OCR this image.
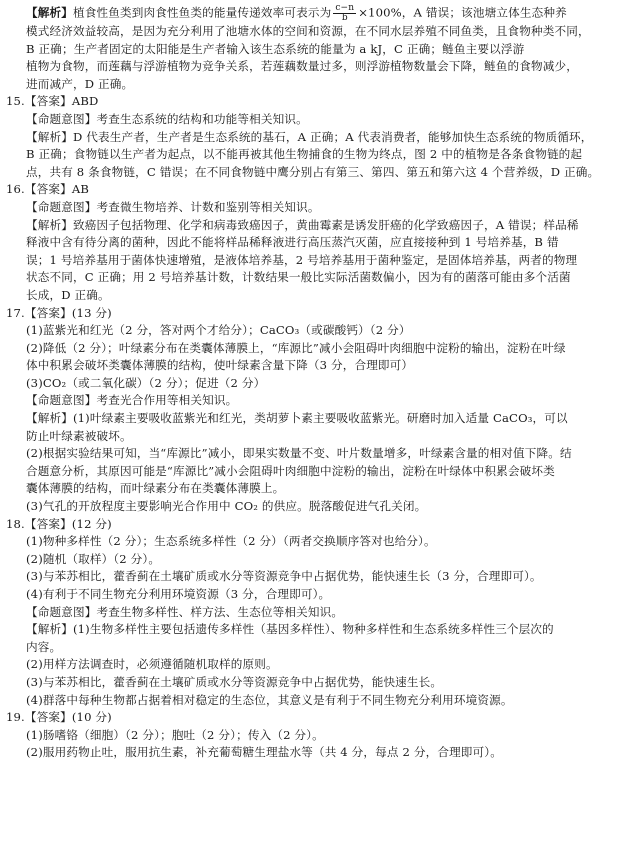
【解析】植食性鱼类到肉食性鱼类的能量传递效率可表示为 $\frac{c-n}{b} \times 100\%$，A 错误；该池塘立体生态种养
模式经济效益较高，是因为充分利用了池塘水体的空间和资源，在不同水层养殖不同鱼类，且食物种类不同，
B 正确；生产者固定的太阳能是生产者输入该生态系统的能量为 a kJ，C 正确；鲢鱼主要以浮游
植物为食物，而莲藕与浮游植物为竞争关系，若莲藕数量过多，则浮游植物数量会下降，鲢鱼的食物减少，
进而减产，D 正确。
15.【答案】ABD
【命题意图】考查生态系统的结构和功能等相关知识。
【解析】D 代表生产者，生产者是生态系统的基石，A 正确；A 代表消费者，能够加快生态系统的物质循环，
B 正确；食物链以生产者为起点，以不能再被其他生物捕食的生物为终点，图 2 中的植物是各条食物链的起
点，共有 8 条食物链，C 错误；在不同食物链中鹰分别占有第三、第四、第五和第六这 4 个营养级，D 正确。
16.【答案】AB
【命题意图】考查微生物培养、计数和鉴别等相关知识。
【解析】致癌因子包括物理、化学和病毒致癌因子，黄曲霉素是诱发肝癌的化学致癌因子，A 错误；样品稀
释液中含有待分离的菌种，因此不能将样品稀释液进行高压蒸汽灭菌，应直接接种到 1 号培养基，B 错
误；1 号培养基用于菌体快速增殖，是液体培养基，2 号培养基用于菌种鉴定，是固体培养基，两者的物理
状态不同，C 正确；用 2 号培养基计数，计数结果一般比实际活菌数偏小，因为有的菌落可能由多个活菌
长成，D 正确。
17.【答案】(13 分)
(1)蓝紫光和红光（2 分，答对两个才给分）；CaCO₃（或碳酸钙）（2 分）
(2)降低（2 分）；叶绿素分布在类囊体薄膜上，“库源比”减小会阻碍叶肉细胞中淀粉的输出，淀粉在叶绿
体中积累会破坏类囊体薄膜的结构，使叶绿素含量下降（3 分，合理即可）
(3)CO₂（或二氧化碳）（2 分）；促进（2 分）
【命题意图】考查光合作用等相关知识。
【解析】(1)叶绿素主要吸收蓝紫光和红光，类胡萝卜素主要吸收蓝紫光。研磨时加入适量 CaCO₃，可以
防止叶绿素被破坏。
(2)根据实验结果可知，当“库源比”减小，即果实数量不变、叶片数量增多，叶绿素含量的相对值下降。结
合题意分析，其原因可能是“库源比”减小会阻碍叶肉细胞中淀粉的输出，淀粉在叶绿体中积累会破坏类
囊体薄膜的结构，而叶绿素分布在类囊体薄膜上。
(3)气孔的开放程度主要影响光合作用中 CO₂ 的供应。脱落酸促进气孔关闭。
18.【答案】(12 分)
(1)物种多样性（2 分）；生态系统多样性（2 分）（两者交换顺序答对也给分）。
(2)随机（取样）（2 分）。
(3)与苯苏相比，藿香蓟在土壤矿质或水分等资源竞争中占据优势，能快速生长（3 分，合理即可）。
(4)有利于不同生物充分利用环境资源（3 分，合理即可）。
【命题意图】考查生物多样性、样方法、生态位等相关知识。
【解析】(1)生物多样性主要包括遗传多样性（基因多样性）、物种多样性和生态系统多样性三个层次的
内容。
(2)用样方法调查时，必须遵循随机取样的原则。
(3)与苯苏相比，藿香蓟在土壤矿质或水分等资源竞争中占据优势，能快速生长。
(4)群落中每种生物都占据着相对稳定的生态位，其意义是有利于不同生物充分利用环境资源。
19.【答案】(10 分)
(1)肠嗜铬（细胞）（2 分）；胞吐（2 分）；传入（2 分）。
(2)服用药物止吐，服用抗生素，补充葡萄糖生理盐水等（共 4 分，每点 2 分，合理即可）。
